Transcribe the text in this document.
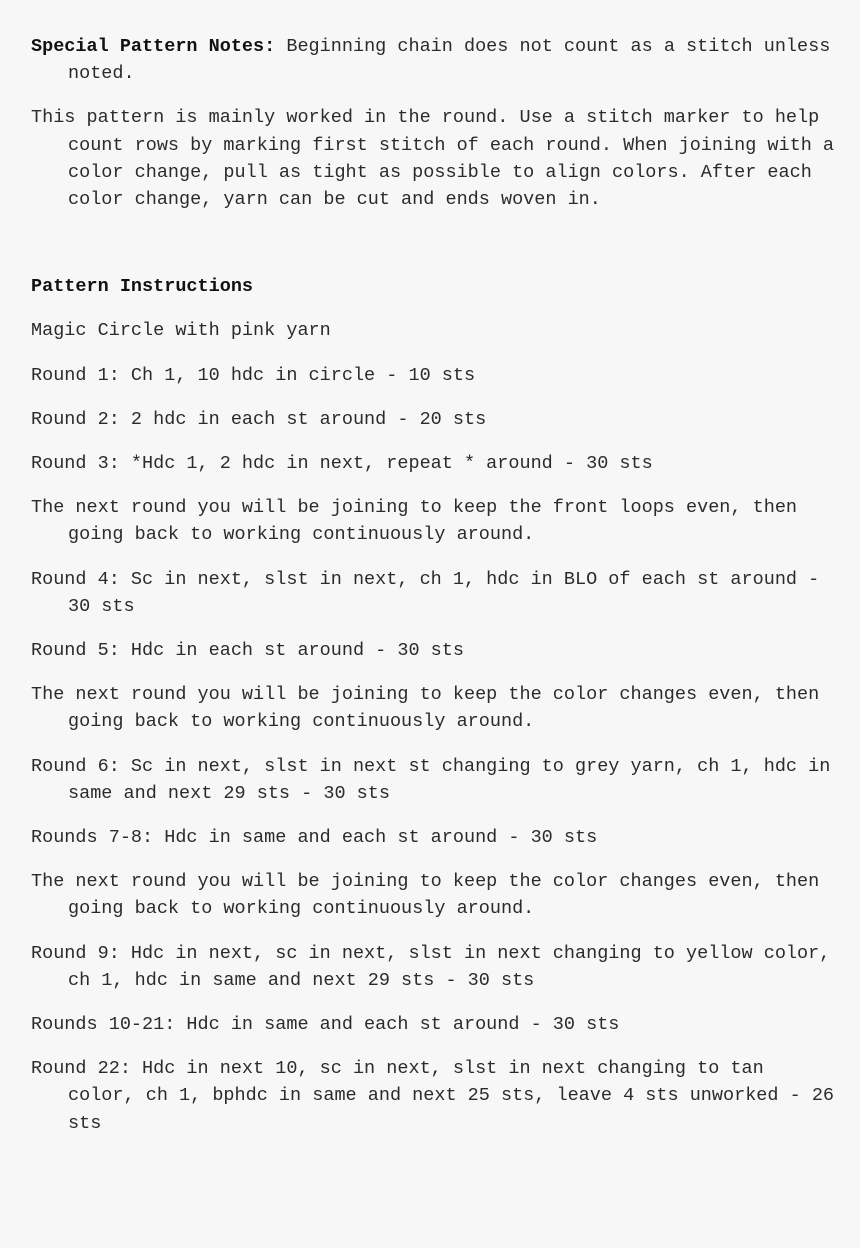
Special Pattern Notes: Beginning chain does not count as a stitch unless noted.

This pattern is mainly worked in the round. Use a stitch marker to help count rows by marking first stitch of each round. When joining with a color change, pull as tight as possible to align colors. After each color change, yarn can be cut and ends woven in.

Pattern Instructions

Magic Circle with pink yarn

Round 1: Ch 1, 10 hdc in circle - 10 sts

Round 2: 2 hdc in each st around - 20 sts

Round 3: *Hdc 1, 2 hdc in next, repeat * around - 30 sts

The next round you will be joining to keep the front loops even, then going back to working continuously around.

Round 4: Sc in next, slst in next, ch 1, hdc in BLO of each st around - 30 sts

Round 5: Hdc in each st around - 30 sts

The next round you will be joining to keep the color changes even, then going back to working continuously around.

Round 6: Sc in next, slst in next st changing to grey yarn, ch 1, hdc in same and next 29 sts - 30 sts

Rounds 7-8: Hdc in same and each st around - 30 sts

The next round you will be joining to keep the color changes even, then going back to working continuously around.

Round 9: Hdc in next, sc in next, slst in next changing to yellow color, ch 1, hdc in same and next 29 sts - 30 sts

Rounds 10-21: Hdc in same and each st around - 30 sts

Round 22: Hdc in next 10, sc in next, slst in next changing to tan color, ch 1, bphdc in same and next 25 sts, leave 4 sts unworked - 26 sts
